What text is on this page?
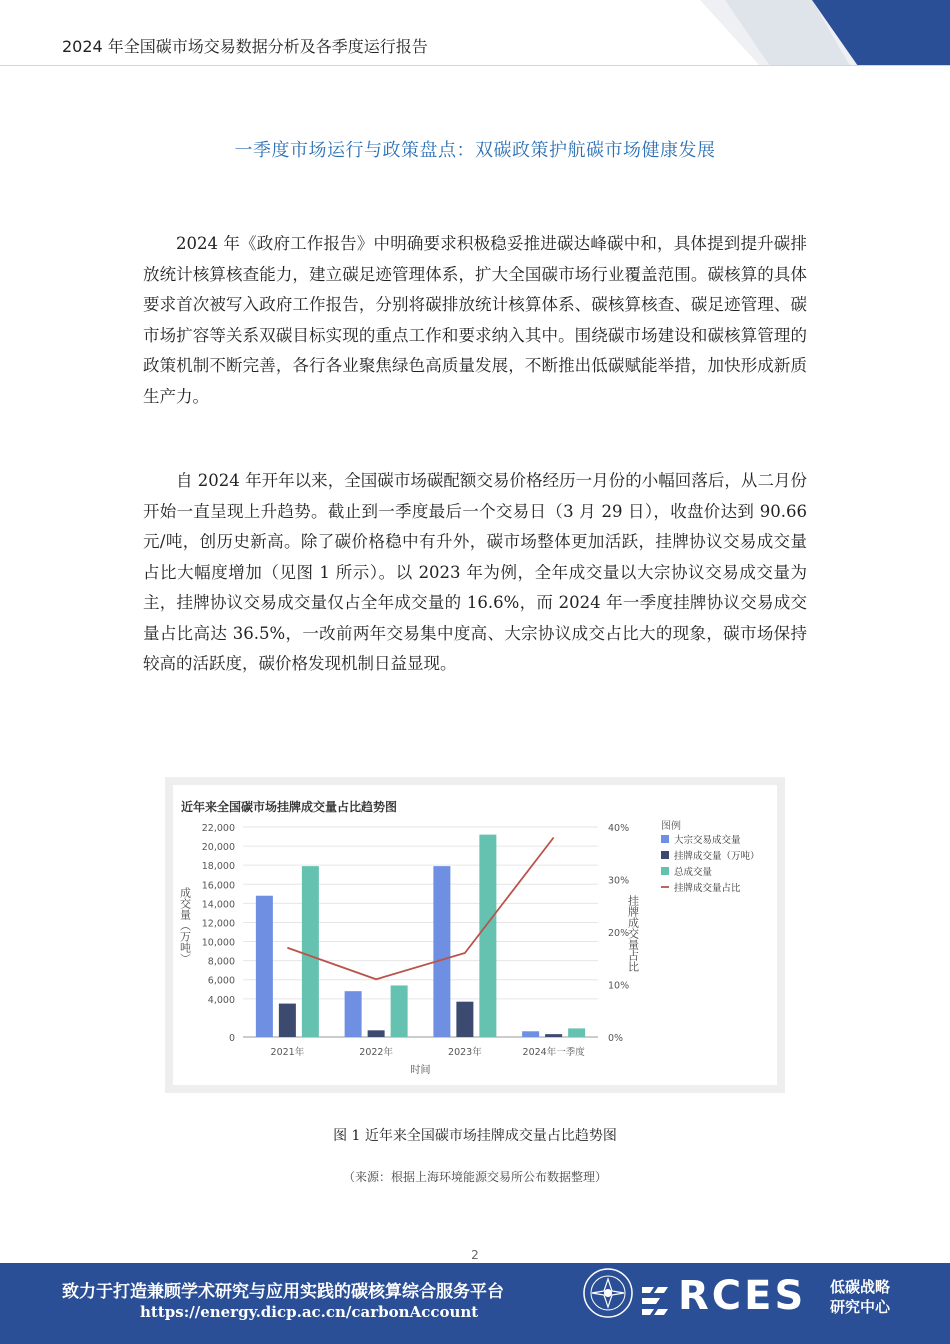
2024 年全国碳市场交易数据分析及各季度运行报告
一季度市场运行与政策盘点：双碳政策护航碳市场健康发展

2024 年《政府工作报告》中明确要求积极稳妥推进碳达峰碳中和，具体提到提升碳排放统计核算核查能力，建立碳足迹管理体系，扩大全国碳市场行业覆盖范围。碳核算的具体要求首次被写入政府工作报告，分别将碳排放统计核算体系、碳核算核查、碳足迹管理、碳市场扩容等关系双碳目标实现的重点工作和要求纳入其中。围绕碳市场建设和碳核算管理的政策机制不断完善，各行各业聚焦绿色高质量发展，不断推出低碳赋能举措，加快形成新质生产力。

自 2024 年开年以来，全国碳市场碳配额交易价格经历一月份的小幅回落后，从二月份开始一直呈现上升趋势。截止到一季度最后一个交易日（3 月 29 日），收盘价达到 90.66 元/吨，创历史新高。除了碳价格稳中有升外，碳市场整体更加活跃，挂牌协议交易成交量占比大幅度增加（见图 1 所示）。以 2023 年为例，全年成交量以大宗协议交易成交量为主，挂牌协议交易成交量仅占全年成交量的 16.6%，而 2024 年一季度挂牌协议交易成交量占比高达 36.5%，一改前两年交易集中度高、大宗协议成交占比大的现象，碳市场保持较高的活跃度，碳价格发现机制日益显现。

近年来全国碳市场挂牌成交量占比趋势图
0
4,000
6,000
8,000
10,000
12,000
14,000
16,000
18,000
20,000
22,000
0%
10%
20%
30%
40%
成交量（万吨）	挂牌成交量占比
时间
2021年	2022年	2023年	2024年一季度
图例
大宗交易成交量
挂牌成交量（万吨）
总成交量
挂牌成交量占比
图 1 近年来全国碳市场挂牌成交量占比趋势图
（来源：根据上海环境能源交易所公布数据整理）
2
致力于打造兼顾学术研究与应用实践的碳核算综合服务平台
https://energy.dicp.ac.cn/carbonAccount	RCES 低碳战略
研究中心
